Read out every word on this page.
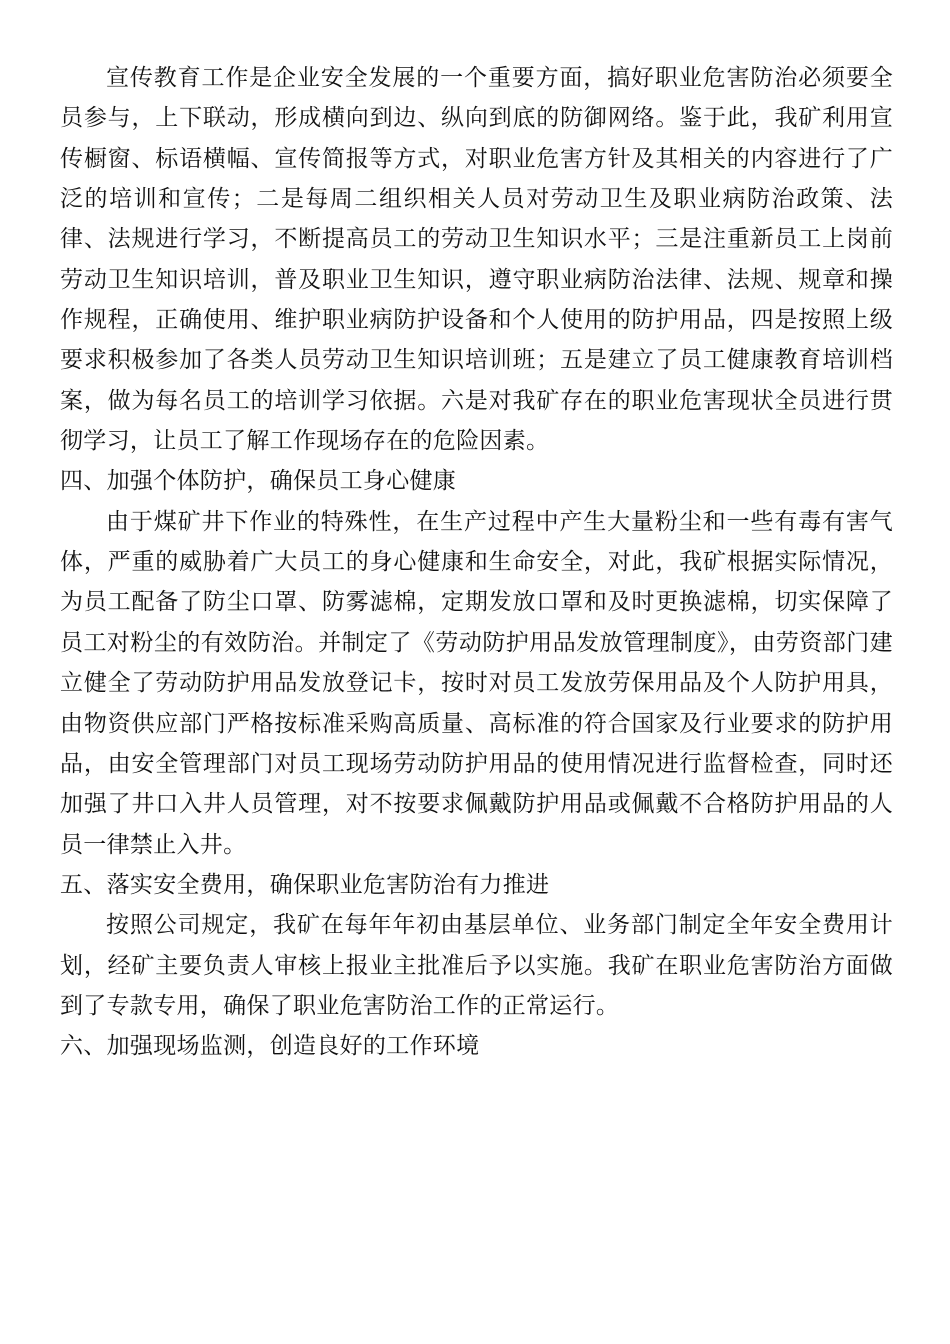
宣传教育工作是企业安全发展的一个重要方面，搞好职业危害防治必须要全员参与，上下联动，形成横向到边、纵向到底的防御网络。鉴于此，我矿利用宣传橱窗、标语横幅、宣传简报等方式，对职业危害方针及其相关的内容进行了广泛的培训和宣传；二是每周二组织相关人员对劳动卫生及职业病防治政策、法律、法规进行学习，不断提高员工的劳动卫生知识水平；三是注重新员工上岗前劳动卫生知识培训，普及职业卫生知识，遵守职业病防治法律、法规、规章和操作规程，正确使用、维护职业病防护设备和个人使用的防护用品，四是按照上级要求积极参加了各类人员劳动卫生知识培训班；五是建立了员工健康教育培训档案，做为每名员工的培训学习依据。六是对我矿存在的职业危害现状全员进行贯彻学习，让员工了解工作现场存在的危险因素。

四、加强个体防护，确保员工身心健康

由于煤矿井下作业的特殊性，在生产过程中产生大量粉尘和一些有毒有害气体，严重的威胁着广大员工的身心健康和生命安全，对此，我矿根据实际情况，为员工配备了防尘口罩、防雾滤棉，定期发放口罩和及时更换滤棉，切实保障了员工对粉尘的有效防治。并制定了《劳动防护用品发放管理制度》，由劳资部门建立健全了劳动防护用品发放登记卡，按时对员工发放劳保用品及个人防护用具，由物资供应部门严格按标准采购高质量、高标准的符合国家及行业要求的防护用品，由安全管理部门对员工现场劳动防护用品的使用情况进行监督检查，同时还加强了井口入井人员管理，对不按要求佩戴防护用品或佩戴不合格防护用品的人员一律禁止入井。

五、落实安全费用，确保职业危害防治有力推进

按照公司规定，我矿在每年年初由基层单位、业务部门制定全年安全费用计划，经矿主要负责人审核上报业主批准后予以实施。我矿在职业危害防治方面做到了专款专用，确保了职业危害防治工作的正常运行。

六、加强现场监测，创造良好的工作环境
